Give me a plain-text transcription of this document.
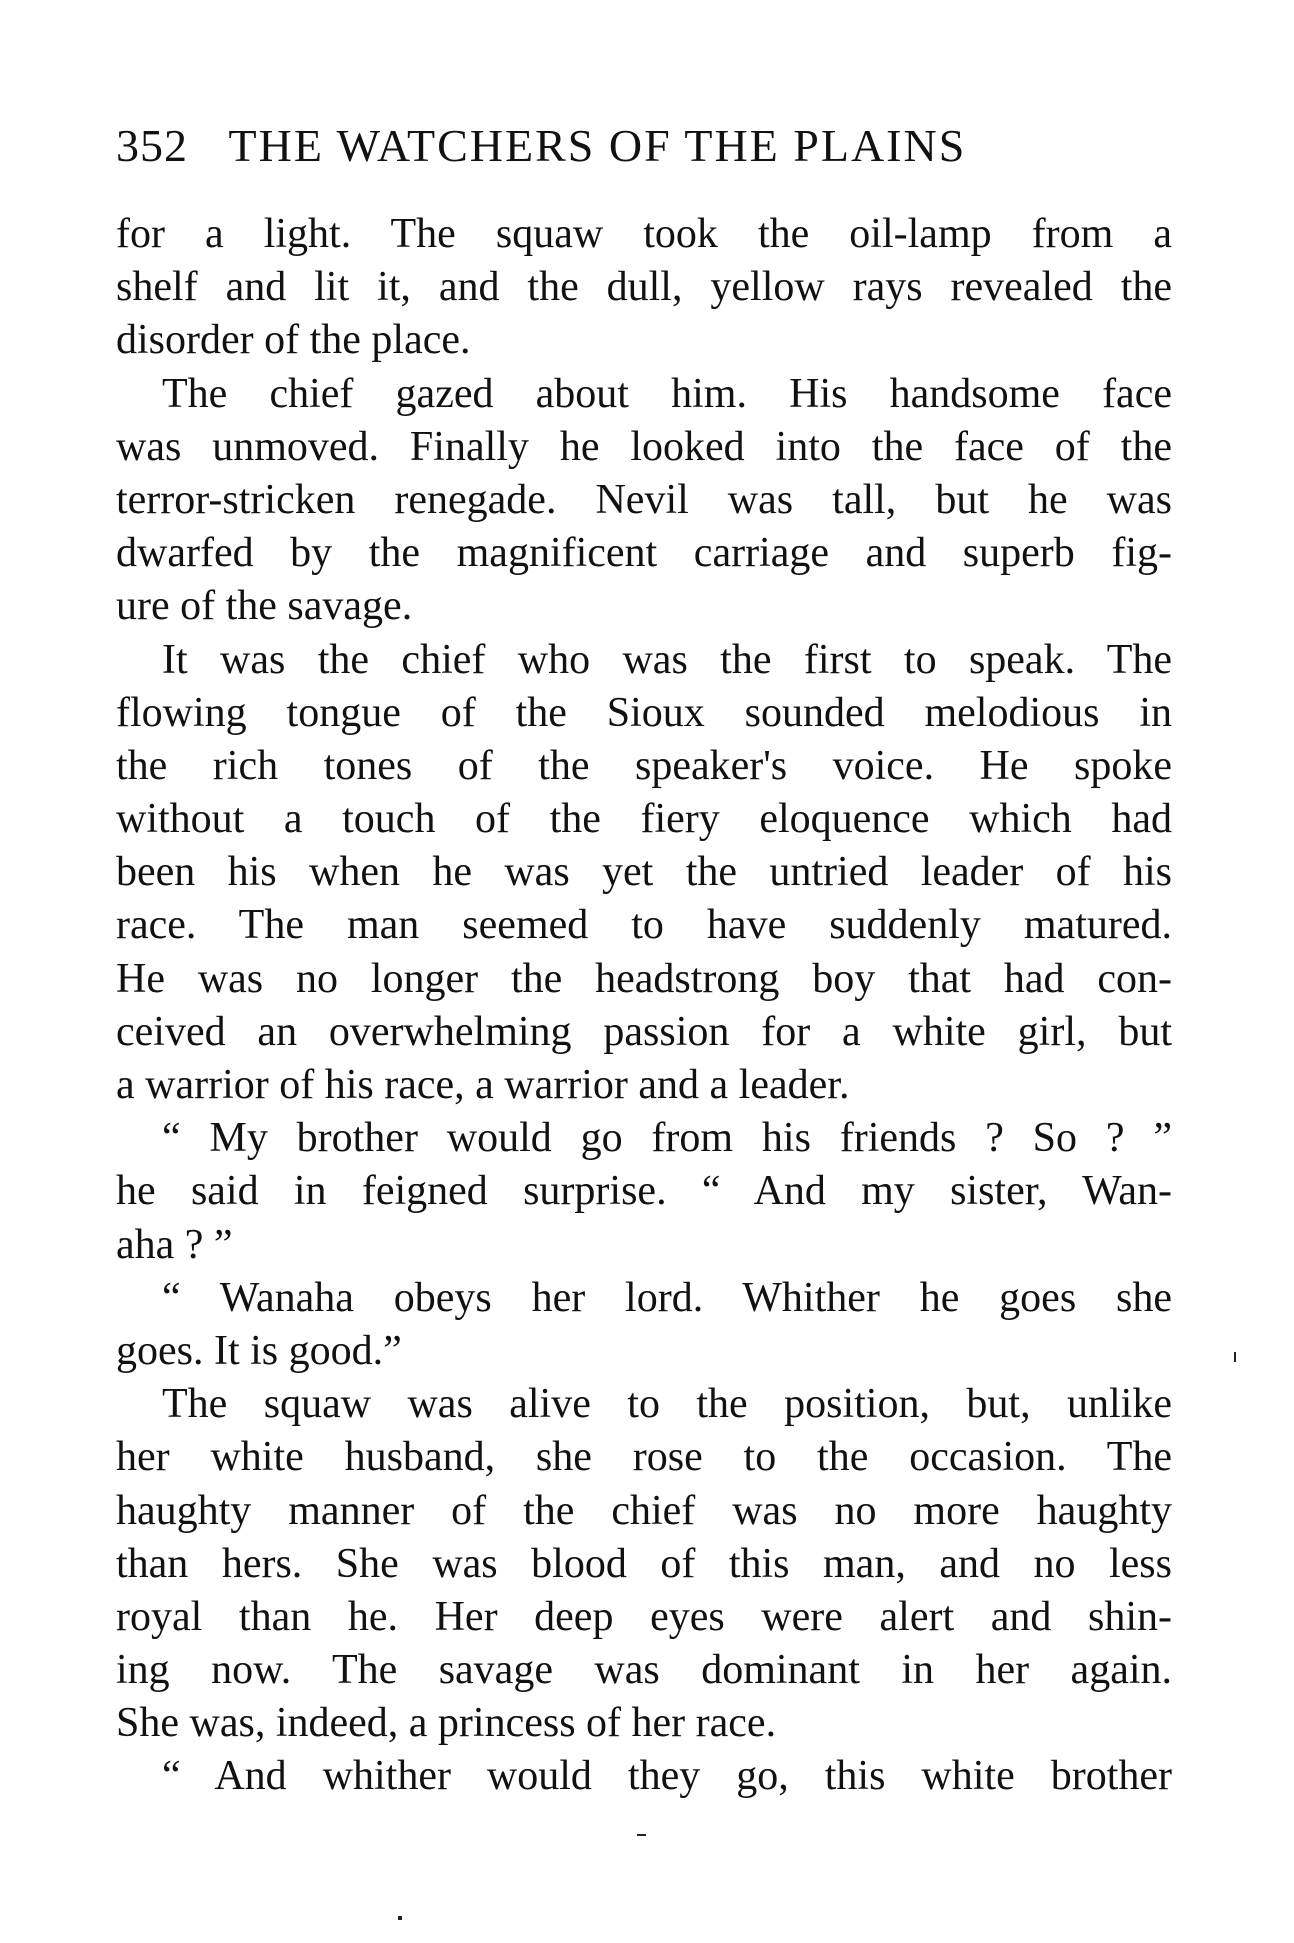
352 THE WATCHERS OF THE PLAINS
for a light. The squaw took the oil-lamp from a
shelf and lit it, and the dull, yellow rays revealed the
disorder of the place.
The chief gazed about him. His handsome face
was unmoved. Finally he looked into the face of the
terror-stricken renegade. Nevil was tall, but he was
dwarfed by the magnificent carriage and superb fig-
ure of the savage.
It was the chief who was the first to speak. The
flowing tongue of the Sioux sounded melodious in
the rich tones of the speaker's voice. He spoke
without a touch of the fiery eloquence which had
been his when he was yet the untried leader of his
race. The man seemed to have suddenly matured.
He was no longer the headstrong boy that had con-
ceived an overwhelming passion for a white girl, but
a warrior of his race, a warrior and a leader.
“ My brother would go from his friends ? So ? ”
he said in feigned surprise. “ And my sister, Wan-
aha ? ”
“ Wanaha obeys her lord. Whither he goes she
goes. It is good.”
The squaw was alive to the position, but, unlike
her white husband, she rose to the occasion. The
haughty manner of the chief was no more haughty
than hers. She was blood of this man, and no less
royal than he. Her deep eyes were alert and shin-
ing now. The savage was dominant in her again.
She was, indeed, a princess of her race.
“ And whither would they go, this white brother
